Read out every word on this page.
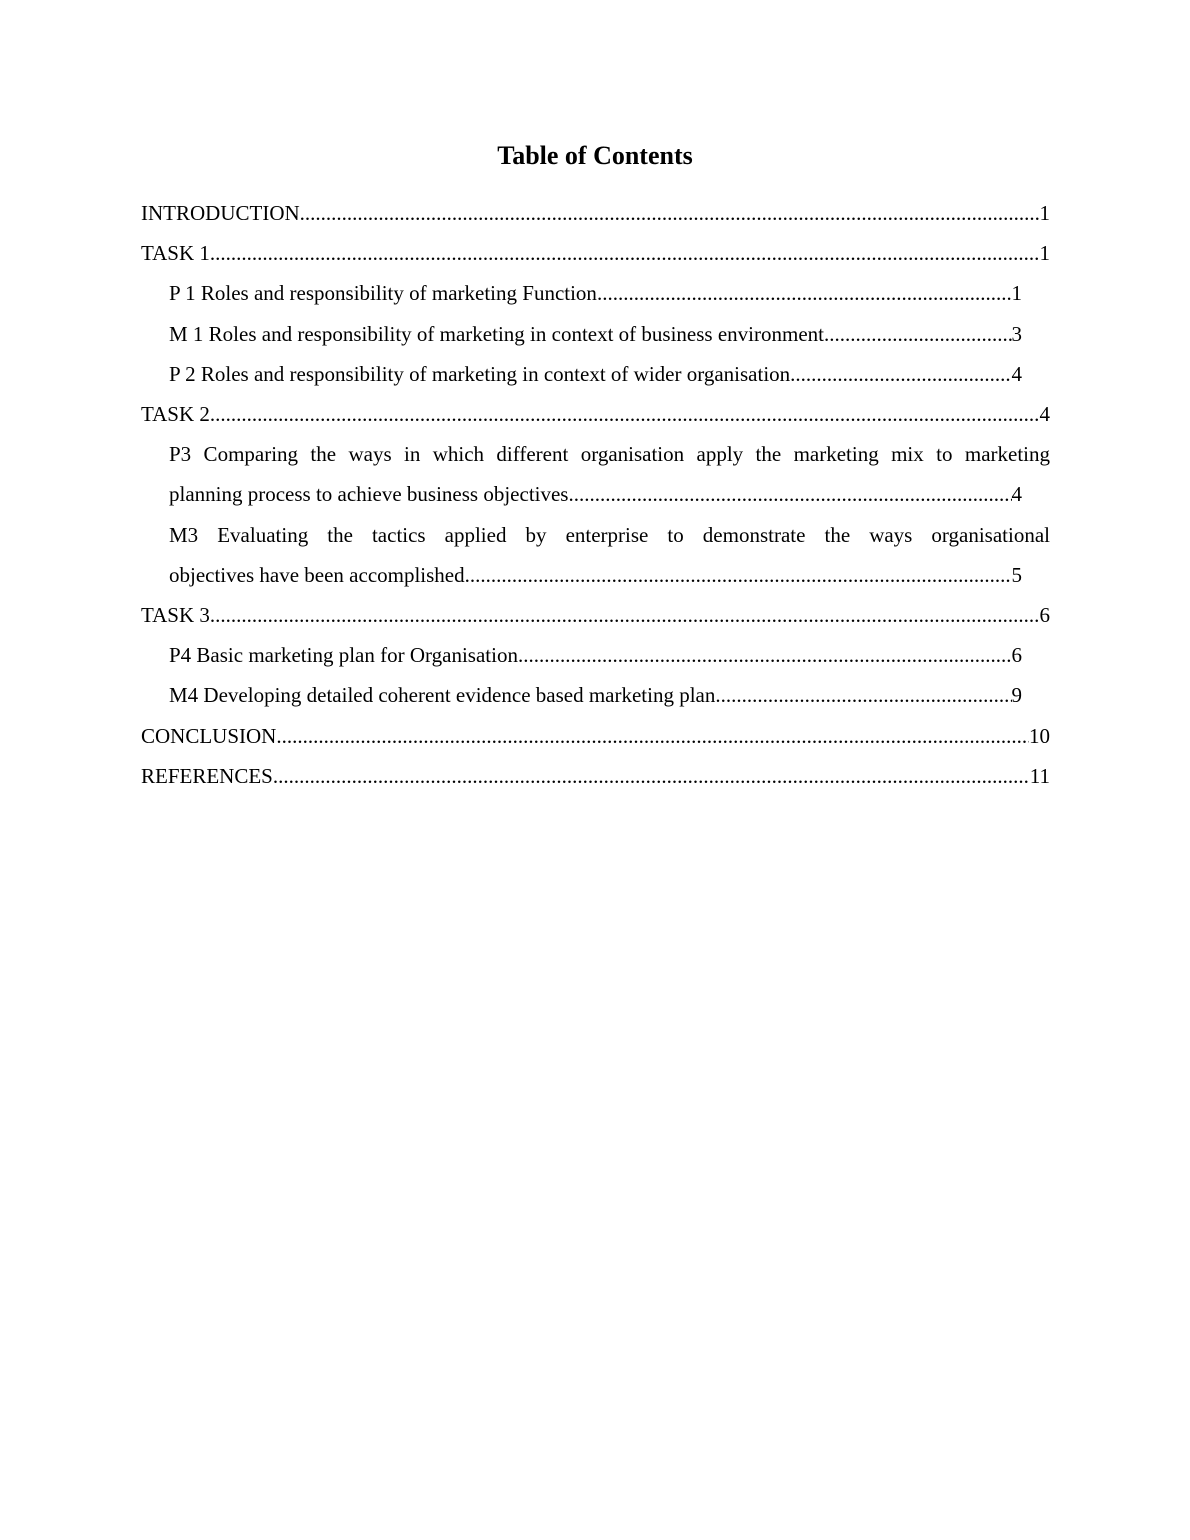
Table of Contents
INTRODUCTION .....	1
TASK 1 .....	1
P 1 Roles and responsibility of marketing Function .....	1
M 1 Roles and responsibility of marketing in context of business environment .....	3
P 2 Roles and responsibility of marketing in context of wider organisation .....	4
TASK 2 .....	4
P3 Comparing the ways in which different organisation apply the marketing mix to marketing
planning process to achieve business objectives .....	4
M3 Evaluating the tactics applied by enterprise to demonstrate the ways organisational
objectives have been accomplished .....	5
TASK 3 .....	6
P4 Basic marketing plan for Organisation .....	6
M4 Developing detailed coherent evidence based marketing plan .....	9
CONCLUSION .....	10
REFERENCES .....	11
